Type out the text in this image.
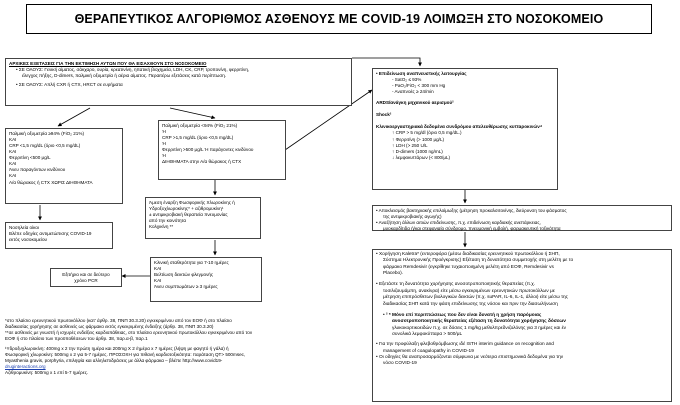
ΘΕΡΑΠΕΥΤΙΚΟΣ ΑΛΓΟΡΙΘΜΟΣ ΑΣΘΕΝΟΥΣ ΜΕ COVID-19 ΛΟΙΜΩΞΗ ΣΤΟ ΝΟΣΟΚΟΜΕΙΟ
ΑΡΧΙΚΕΣ ΕΞΕΤΑΣΕΙΣ ΓΙΑ ΤΗΝ ΕΚΤΙΜΗΣΗ ΑΥΤΩΝ ΠΟΥ ΘΑ ΕΙΣΑΧΘΟΥΝ ΣΤΟ ΝΟΣΟΚΟΜΕΙΟ
• ΣΕ ΟΛΟΥΣ: Γενική αίματος, σάκχαρο, ουρία, κρεατινίνη, ηπατική βιοχημεία, LDH, CK, CRP, τροπονίνη, φερριτίνη,
έλεγχος πήξης, D-dimers, παλμική οξυμετρία ή αέρια αίματος. Περαιτέρω εξετάσεις κατά περίπτωση.
• ΣΕ ΟΛΟΥΣ: Απλή CXR ή CTX, HRCT σε ευρήματα
Παλμική οξυμετρία ≥94% (FiO₂ 21%)
ΚΑΙ
CRP <1,5 mg/dL (όριο <0,5 mg/dL)
ΚΑΙ
Φερριτίνη <500 μg/L
ΚΑΙ
Άνευ παραγόντων κινδύνου
ΚΑΙ
Α/α θώρακος ή CTX ΧΩΡΙΣ ΔΙΗΘΗΜΑΤΑ
Παλμική οξυμετρία <94% (FiO₂ 21%)
Ή
CRP >1,5 mg/dL (όριο <0,5 mg/dL)
Ή
Φερριτίνη >500 μg/L Ή παράγοντες κινδύνου
Ή
ΔΙΗΘΗΜΑΤΑ στην Α/α θώρακος ή CTX
Νοσηλεία οίκοι
Βλέπε οδηγίες αντιμετώπισης COVID-19
εκτός νοσοκομείου
Άμεση έναρξη Φωσφορικής Χλωροκίνης ή
Υδροξυχλωροκίνης* + αζιθρομυκίνη¹
± αντιμικροβιακή θεραπεία πνευμονίας
από την κοινότητα
Κολχικίνη **
Κλινική σταθερότητα για 7-10 ημέρες
ΚΑΙ
Βελτίωση δεικτών φλεγμονής
ΚΑΙ
Άνευ συμπτωμάτων ≥ 3 ημέρες
Εξιτήριο και σε δεύτερο
χρόνο PCR
• Επιδείνωση αναπνευστικής λειτουργίας
- SatO₂ ≤ 93%
- PaO₂/FiO₂ < 300 mm Hg
- Αναπνοές ≥ 24/min
ARDS/ανάγκη μηχανικού αερισμού²
Shock²
Κλινικοεργαστηριακά δεδομένα συνδρόμου απελευθέρωσης κυτταροκινών⁴
↑ CRP > 5 mg/dl (όριο 0,5 mg/dL.)
↑ Φερριτίνη (> 1000 μg/L)
↑ LDH (> 250 U/L
↑ D-dimers (1000 ng/mL)
↓ λεμφοκυττάρων (< 800/μL)
• Αποκλεισμός βακτηριακής επιλοίμωξης (μέτρηση προκαλσιτονίνης, διεύρυνση του φάσματος
της αντιμικροβιακής αγωγής)
• Αναζήτηση άλλων αιτιών επιδείνωσης, π.χ. επιδείνωση καρδιακής ανεπάρκειας,
μυοκαρδίτιδα ή/και στεφανιαίο σύνδρομο, πνευμονική εμβολή, φαρμακευτική τοξικότητα
• Χορήγηση Kaletra* (εντεροφόρα (μέσω διαδικασίας ερευνητικού πρωτοκόλλου ή ΣΗΠ,
Σύστημα Ηλεκτρονικής Προέγκρισης) Εξέταση τη δυνατότητα συμμετοχής στη μελέτη με το
φάρμακο Remdesivir (εγκρίθηκε τυχαιοποιημένη μελέτη από ΕΟΦ, Remdesivir vs
Placebo).
• Εξετάστε τη δυνατότητα χορήγησης ανοσοτροποποιητικής θεραπείας (π.χ.
τοσιλιζουμάμπη, ανακίνρα) είτε μέσω εγκεκριμένων ερευνητικών πρωτοκόλλων με
μέτρηση επιπρόσθετων βιολογικών δεικτών (π.χ. suPAR, IL-6, IL-1, άλλοι) είτε μέσω της
διαδικασίας ΣΗΠ κατά την φάση επιδείνωσης της νόσου και πριν την διασωλήνωση
• ² * Μόνο επί περιπτώσεως που δεν είναι δυνατή η χρήση παρόμοιας
ανοσοτροποποιητικής θεραπείας εξέταση τη δυνατότητα χορήγησης δόσεων
γλυκοκορτικοειδών π.χ. σε δόσεις 1 mg/kg μεθυλπρεδνιζολόνης για 3 ημέρες και έν
συνολικά λεμφοκύτταρα > 500/μL
• Για την προφύλαξη φλεβοθρόμβωσης ιδέ ISTH interim guidance on recognition and
management of coagulopathy in COVID-19
• Οι οδηγίες θα αναπροσαρμόζονται σύμφωνα με νεότερα επιστημονικά δεδομένα για την
νόσο COVID-19
*στο πλαίσιο ερευνητικού πρωτοκόλλου (κατ' άρθρ. 38, ΠΝΠ 30.3.20) εγκεκριμένου από τον ΕΟΦ ή στο πλαίσιο
διαδικασίας χορήγησης σε ασθενείς ως φάρμακο εκτός εγκεκριμένης ένδειξης (άρθρ. 38, ΠΝΠ 30.3.20)
**σε ασθενείς με γνωστή ή ισχυρές ενδείξεις καρδιοπάθειας, στο πλαίσιο ερευνητικού πρωτοκόλλου εγκεκριμένου από τον
ΕΟΦ ή στο πλαίσιο των προϋποθέσεων του άρθρ. 38, παρ.α-β, παρ.1
¹Υδροξυχλωροκίνη: 400mg x 2 την πρώτη ημέρα και 200mg X 2 /ημέρα x 7 ημέρες (λήψη με φαγητό ή γάλα) ή
Φωσφορική χλωροκίνη: 500mg x 2 για 5-7 ημέρες. ΠΡΟΣΟΧΗ για πιθανή καρδιοτοξικότητα: παράταση QT> 500msec,
Myasthenia gravis, porphyria, επιληψία και αλληλεπιδράσεις με άλλα φάρμακα – βλέπε http://www.covid19-
druginteractions.org
Αζιθρομυκίνη: 500mg x 1 επί 5-7 ημέρες.
